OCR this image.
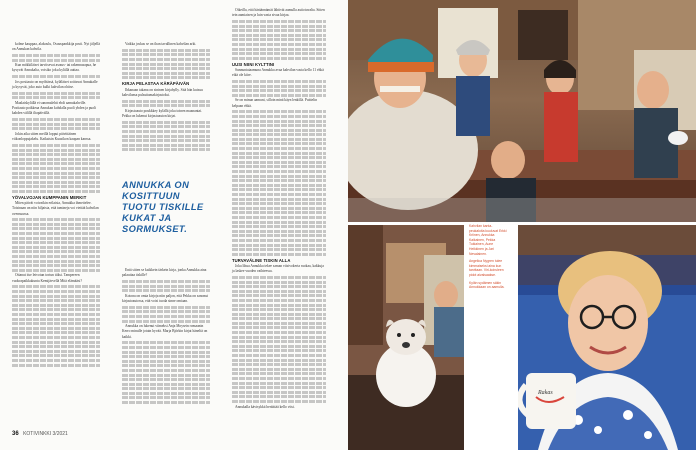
kolme kauppaa, alakoulu, Osuuspankkija posti. Nyt jäljellä on Annukan kahvila.

Kun mökkiläiset tarvitsevat asraus- tai rakennusapua, he kysyvät Annukalta, voisiko joku kylällä auttaa.

Jos postiauto on myöhässä, kyläläiset soittavat Annukalle ja kysyvät, joko auto kulki kahvilan ohitse.

Maalaiskylällä ei sanomalehti ehdi aamukahville. Postiauto poikkeaa Annukan kohdalla puoli yhden ja puoli kahden välillä iltapäivällä.

Jokin aika sitten meillä loppui päivittäinen viikonloppujakelu. Katkaisin Kuusikon kaupan kanssa.

YÖVALVOJAN KUMPPANIN MERKIT

Miten päivät voivatkin erilaisia, Annukka ihmettelee. Toisinaan on niin hiljaista, että tamineja voi viettää kahvilan ovensuussa.

Ottanut itse leivotun tortun tiiksi. Tampereen vuokrapaikkakunta Kemijärvellä Mitä elämääsi?

Vaikka joskus se on ihan tavallinen kahvilan arki.

KIRJA PELASTAA KÄRÄPÄIVÄN

Ihkanaan takana on sininen kirjahylly. Sitä hän kutsuu kahvilansa pulsuttamakirjastoksi.

Kirjastoauto poukkkey kylällä joka toinen maanantai. Pekka on lukenut kirjastoauton kirjat.

ANNUKKA ON KOSITTUUN TUOTU TISKILLE KUKAT JA SORMUKSET.

Entä sitten se kaikkein tärkein kirja, jonka Annukka aina palauttaa tiskille?

Kotona on omia kirjoja niin paljon, että Pekka on sanonut kirjastoautossa, että voisi tuoda sinne omiaan.

Annukka on lukenut viimeksi Anja Moysein romaanin Kerro minulle jotain hyvää. Marja Björkin kirjat häneltä on kaikki.

Oikeilla, että häräännämät lähtivät aamulla autiotuvalta. Sitten tein aamiaisen ja luin vasta sivua kirjaa.

UUSI NIINI KYLTTINI

Sunnuntaiaamuna Annukka avaa kahvilan vasta kello 11 ehkä eikä ole kiire.

Se on minun aamuni, silloin minä käyn lenkillä. Puittelin kelpaan ehkä.

TURVAVÄLINE TISKIN ALLA

Joka lihua Annukka tekee saman viisivokerta ruokaa, kakkuja ja laskee vuoden vaihteessa.

Annukalla kävisykkä heräittää kello viisi.

36 KOTIVINKKI 3/2021

Kahvilan kanta-peukaloita kuuluvat Erkki Kriinen, Annukka Kaikainen, Pekka Tukiainen, Aune Heikkinen ja Jari Nevalainen.

Angelica Nygren tulee kimmaiseksi aina kun tarvitaan. Viri-koiruleen pidot aivalsaakse.

Kylän sydämen säkin Annukkaan on aamulla.

Rakas
